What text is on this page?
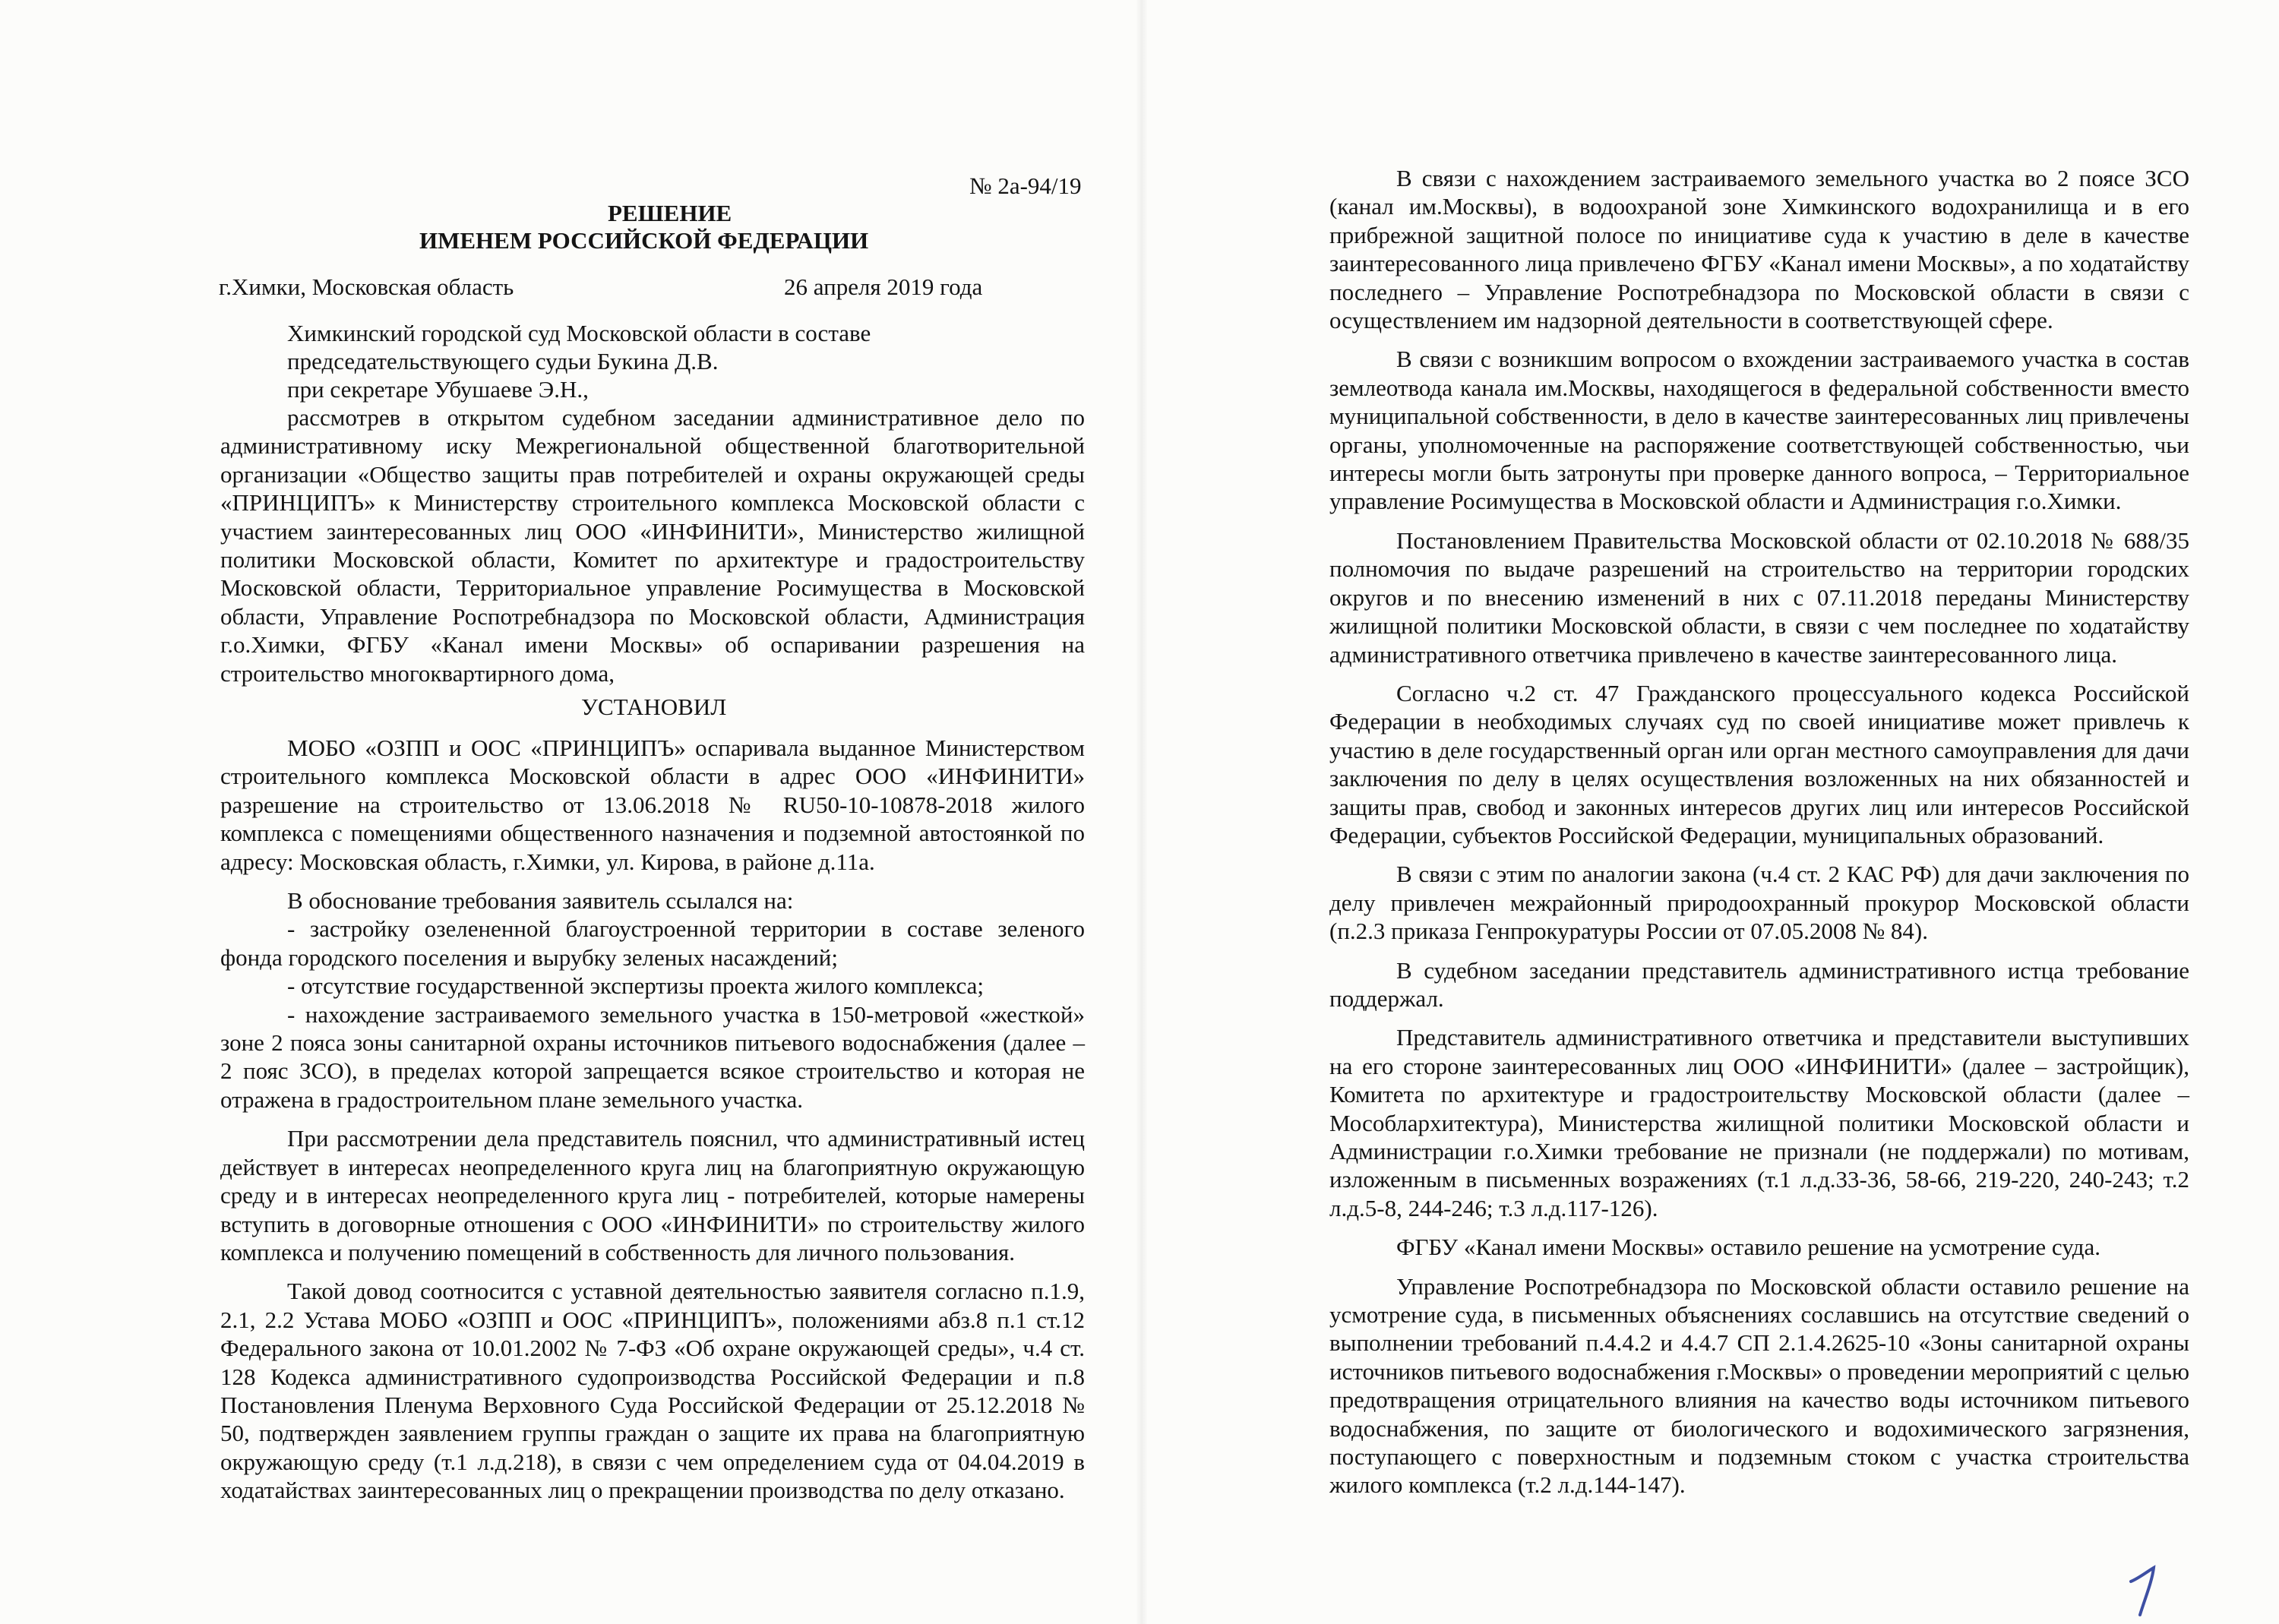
№ 2а-94/19
РЕШЕНИЕ
ИМЕНЕМ РОССИЙСКОЙ ФЕДЕРАЦИИ
г.Химки, Московская область	26 апреля 2019 года
Химкинский городской суд Московской области в составе
председательствующего судьи Букина Д.В.
при секретаре Убушаеве Э.Н.,

рассмотрев в открытом судебном заседании административное дело по административному иску Межрегиональной общественной благотворительной организации «Общество защиты прав потребителей и охраны окружающей среды «ПРИНЦИПЪ» к Министерству строительного комплекса Московской области с участием заинтересованных лиц ООО «ИНФИНИТИ», Министерство жилищной политики Московской области, Комитет по архитектуре и градостроительству Московской области, Территориальное управление Росимущества в Московской области, Управление Роспотребнадзора по Московской области, Администрация г.о.Химки, ФГБУ «Канал имени Москвы» об оспаривании разрешения на строительство многоквартирного дома,

УСТАНОВИЛ

МОБО «ОЗПП и ООС «ПРИНЦИПЪ» оспаривала выданное Министерством строительного комплекса Московской области в адрес ООО «ИНФИНИТИ» разрешение на строительство от 13.06.2018 № RU50-10-10878-2018 жилого комплекса с помещениями общественного назначения и подземной автостоянкой по адресу: Московская область, г.Химки, ул. Кирова, в районе д.11а.

В обоснование требования заявитель ссылался на:

- застройку озелененной благоустроенной территории в составе зеленого фонда городского поселения и вырубку зеленых насаждений;

- отсутствие государственной экспертизы проекта жилого комплекса;

- нахождение застраиваемого земельного участка в 150-метровой «жесткой» зоне 2 пояса зоны санитарной охраны источников питьевого водоснабжения (далее – 2 пояс ЗСО), в пределах которой запрещается всякое строительство и которая не отражена в градостроительном плане земельного участка.

При рассмотрении дела представитель пояснил, что административный истец действует в интересах неопределенного круга лиц на благоприятную окружающую среду и в интересах неопределенного круга лиц - потребителей, которые намерены вступить в договорные отношения с ООО «ИНФИНИТИ» по строительству жилого комплекса и получению помещений в собственность для личного пользования.

Такой довод соотносится с уставной деятельностью заявителя согласно п.1.9, 2.1, 2.2 Устава МОБО «ОЗПП и ООС «ПРИНЦИПЪ», положениями абз.8 п.1 ст.12 Федерального закона от 10.01.2002 № 7-ФЗ «Об охране окружающей среды», ч.4 ст. 128 Кодекса административного судопроизводства Российской Федерации и п.8 Постановления Пленума Верховного Суда Российской Федерации от 25.12.2018 № 50, подтвержден заявлением группы граждан о защите их права на благоприятную окружающую среду (т.1 л.д.218), в связи с чем определением суда от 04.04.2019 в ходатайствах заинтересованных лиц о прекращении производства по делу отказано.

В связи с нахождением застраиваемого земельного участка во 2 поясе ЗСО (канал им.Москвы), в водоохраной зоне Химкинского водохранилища и в его прибрежной защитной полосе по инициативе суда к участию в деле в качестве заинтересованного лица привлечено ФГБУ «Канал имени Москвы», а по ходатайству последнего – Управление Роспотребнадзора по Московской области в связи с осуществлением им надзорной деятельности в соответствующей сфере.

В связи с возникшим вопросом о вхождении застраиваемого участка в состав землеотвода канала им.Москвы, находящегося в федеральной собственности вместо муниципальной собственности, в дело в качестве заинтересованных лиц привлечены органы, уполномоченные на распоряжение соответствующей собственностью, чьи интересы могли быть затронуты при проверке данного вопроса, – Территориальное управление Росимущества в Московской области и Администрация г.о.Химки.

Постановлением Правительства Московской области от 02.10.2018 № 688/35 полномочия по выдаче разрешений на строительство на территории городских округов и по внесению изменений в них с 07.11.2018 переданы Министерству жилищной политики Московской области, в связи с чем последнее по ходатайству административного ответчика привлечено в качестве заинтересованного лица.

Согласно ч.2 ст. 47 Гражданского процессуального кодекса Российской Федерации в необходимых случаях суд по своей инициативе может привлечь к участию в деле государственный орган или орган местного самоуправления для дачи заключения по делу в целях осуществления возложенных на них обязанностей и защиты прав, свобод и законных интересов других лиц или интересов Российской Федерации, субъектов Российской Федерации, муниципальных образований.

В связи с этим по аналогии закона (ч.4 ст. 2 КАС РФ) для дачи заключения по делу привлечен межрайонный природоохранный прокурор Московской области (п.2.3 приказа Генпрокуратуры России от 07.05.2008 № 84).

В судебном заседании представитель административного истца требование поддержал.

Представитель административного ответчика и представители выступивших на его стороне заинтересованных лиц ООО «ИНФИНИТИ» (далее – застройщик), Комитета по архитектуре и градостроительству Московской области (далее – Мособлархитектура), Министерства жилищной политики Московской области и Администрации г.о.Химки требование не признали (не поддержали) по мотивам, изложенным в письменных возражениях (т.1 л.д.33-36, 58-66, 219-220, 240-243; т.2 л.д.5-8, 244-246; т.3 л.д.117-126).

ФГБУ «Канал имени Москвы» оставило решение на усмотрение суда.

Управление Роспотребнадзора по Московской области оставило решение на усмотрение суда, в письменных объяснениях сославшись на отсутствие сведений о выполнении требований п.4.4.2 и 4.4.7 СП 2.1.4.2625-10 «Зоны санитарной охраны источников питьевого водоснабжения г.Москвы» о проведении мероприятий с целью предотвращения отрицательного влияния на качество воды источником питьевого водоснабжения, по защите от биологического и водохимического загрязнения, поступающего с поверхностным и подземным стоком с участка строительства жилого комплекса (т.2 л.д.144-147).
